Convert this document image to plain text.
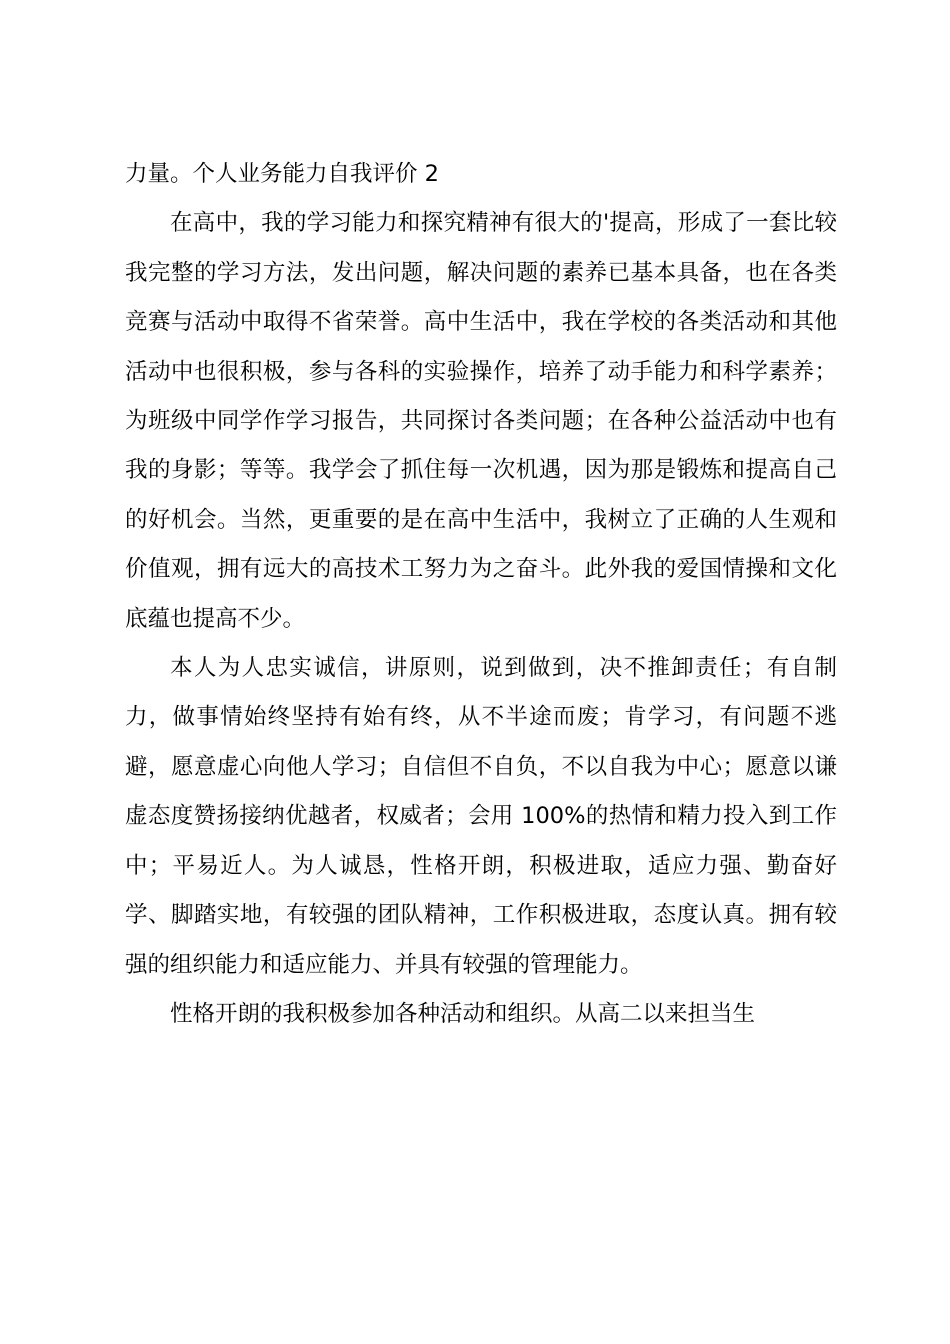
力量。个人业务能力自我评价 2

在高中，我的学习能力和探究精神有很大的'提高，形成了一套比较我完整的学习方法，发出问题，解决问题的素养已基本具备，也在各类竞赛与活动中取得不省荣誉。高中生活中，我在学校的各类活动和其他活动中也很积极，参与各科的实验操作，培养了动手能力和科学素养；为班级中同学作学习报告，共同探讨各类问题；在各种公益活动中也有我的身影；等等。我学会了抓住每一次机遇，因为那是锻炼和提高自己的好机会。当然，更重要的是在高中生活中，我树立了正确的人生观和价值观，拥有远大的高技术工努力为之奋斗。此外我的爱国情操和文化底蕴也提高不少。

本人为人忠实诚信，讲原则，说到做到，决不推卸责任；有自制力，做事情始终坚持有始有终，从不半途而废；肯学习，有问题不逃避，愿意虚心向他人学习；自信但不自负，不以自我为中心；愿意以谦虚态度赞扬接纳优越者，权威者；会用 100%的热情和精力投入到工作中；平易近人。为人诚恳，性格开朗，积极进取，适应力强、勤奋好学、脚踏实地，有较强的团队精神，工作积极进取，态度认真。拥有较强的组织能力和适应能力、并具有较强的管理能力。

性格开朗的我积极参加各种活动和组织。从高二以来担当生
